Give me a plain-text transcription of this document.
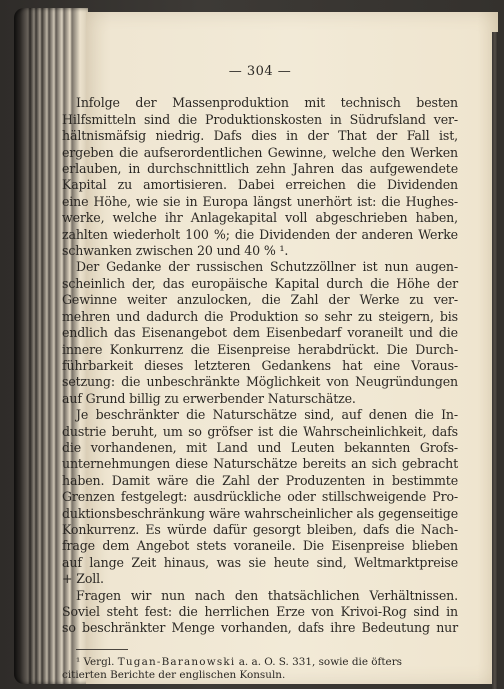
— 304 —
Infolge der Massenproduktion mit technisch besten
Hilfsmitteln sind die Produktionskosten in Südrufsland ver-
hältnismäfsig niedrig. Dafs dies in der That der Fall ist,
ergeben die aufserordentlichen Gewinne, welche den Werken
erlauben, in durchschnittlich zehn Jahren das aufgewendete
Kapital zu amortisieren. Dabei erreichen die Dividenden
eine Höhe, wie sie in Europa längst unerhört ist: die Hughes-
werke, welche ihr Anlagekapital voll abgeschrieben haben,
zahlten wiederholt 100 %; die Dividenden der anderen Werke
schwanken zwischen 20 und 40 % ¹.
Der Gedanke der russischen Schutzzöllner ist nun augen-
scheinlich der, das europäische Kapital durch die Höhe der
Gewinne weiter anzulocken, die Zahl der Werke zu ver-
mehren und dadurch die Produktion so sehr zu steigern, bis
endlich das Eisenangebot dem Eisenbedarf voraneilt und die
innere Konkurrenz die Eisenpreise herabdrückt. Die Durch-
führbarkeit dieses letzteren Gedankens hat eine Voraus-
setzung: die unbeschränkte Möglichkeit von Neugründungen
auf Grund billig zu erwerbender Naturschätze.
Je beschränkter die Naturschätze sind, auf denen die In-
dustrie beruht, um so gröfser ist die Wahrscheinlichkeit, dafs
die vorhandenen, mit Land und Leuten bekannten Grofs-
unternehmungen diese Naturschätze bereits an sich gebracht
haben. Damit wäre die Zahl der Produzenten in bestimmte
Grenzen festgelegt: ausdrückliche oder stillschweigende Pro-
duktionsbeschränkung wäre wahrscheinlicher als gegenseitige
Konkurrenz. Es würde dafür gesorgt bleiben, dafs die Nach-
frage dem Angebot stets voraneile. Die Eisenpreise blieben
auf lange Zeit hinaus, was sie heute sind, Weltmarktpreise
+ Zoll.
Fragen wir nun nach den thatsächlichen Verhältnissen.
Soviel steht fest: die herrlichen Erze von Krivoi-Rog sind in
so beschränkter Menge vorhanden, dafs ihre Bedeutung nur
¹ Vergl. Tugan-Baranowski a. a. O. S. 331, sowie die öfters
citierten Berichte der englischen Konsuln.
